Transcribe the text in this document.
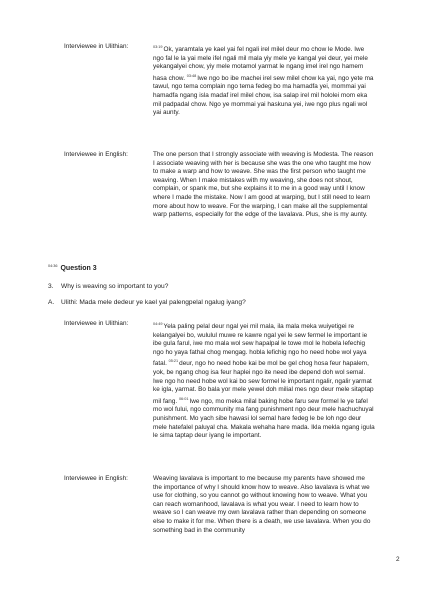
Interviewee in Ulithian:	$^{03:19}$Ok, yaramtala ye kael yai fel ngali irel milel deur mo chow le Mode. Iwe ngo fal le la yai mele ifel ngali mil mala yiy mele ye kangal yei deur, yei mele yekangalyei chow, yiy mele motamol yarmat le ngang imel irel ngo hamem hasa chow. $^{03:48}$Iwe ngo bo ibe machei irel sew milel chow ka yai, ngo yete ma tawul, ngo tema complain ngo tema fedeg bo ma hamadfa yei, mommai yai hamadfa ngang isla madaf irel milel chow, isa salap irel mil hololei mom eka mil padpadal chow. Ngo ye mommai yai haskuna yei, iwe ngo plus ngali wol yai aunty.
Interviewee in English:	The one person that I strongly associate with weaving is Modesta. The reason I associate weaving with her is because she was the one who taught me how to make a warp and how to weave. She was the first person who taught me weaving. When I make mistakes with my weaving, she does not shout, complain, or spank me, but she explains it to me in a good way until I know where I made the mistake. Now I am good at warping, but I still need to learn more about how to weave. For the warping, I can make all the supplemental warp patterns, especially for the edge of the lavalava. Plus, she is my aunty.
$^{04:36}$ Question 3
3. Why is weaving so important to you?
A. Ulithi: Mada mele dedeur ye kael yal palengpelal ngalug iyang?
Interviewee in Ulithian:	$^{04:49}$Yela paling pelal deur ngal yei mil mala, ila mala meka wuiyetigei re kelangalyei bo, wululul muwe re kawre ngal yei le sew fermel le important ie ibe gula farul, iwe mo mala wol sew hapalpal le towe mol le hobela lefechig ngo ho yaya fathal chog mengag. hobla lefichig ngo ho need hobe wol yaya fatal. $^{05:21}$deur, ngo ho need hobe kai be mol be gel chog hosa feur hapalem, yok, be ngang chog isa feur haplei ngo ite need ibe depend doh wol semal. Iwe ngo ho need hobe wol kai bo sew formel le important ngalir, ngalir yarmat ke igla, yarmat. Bo bala yor mele yewel doh milial mes ngo deur mele sitaptap mil fang. $^{06:01}$Iwe ngo, mo meka milal baking hobe faru sew formel le ye tafel mo wol fului, ngo community ma fang punishment ngo deur mele hachuchuyal punishment. Mo yach sibe hawasi lol semal hare fedeg le be loh ngo deur mele hatefalel paluyal cha. Makala wehaha hare mada. Ikla mekla ngang igula le sima taptap deur iyang le important.
Interviewee in English:	Weaving lavalava is important to me because my parents have showed me the importance of why I should know how to weave. Also lavalava is what we use for clothing, so you cannot go without knowing how to weave. What you can reach womanhood, lavalava is what you wear. I need to learn how to weave so I can weave my own lavalava rather than depending on someone else to make it for me. When there is a death, we use lavalava. When you do something bad in the community
2
